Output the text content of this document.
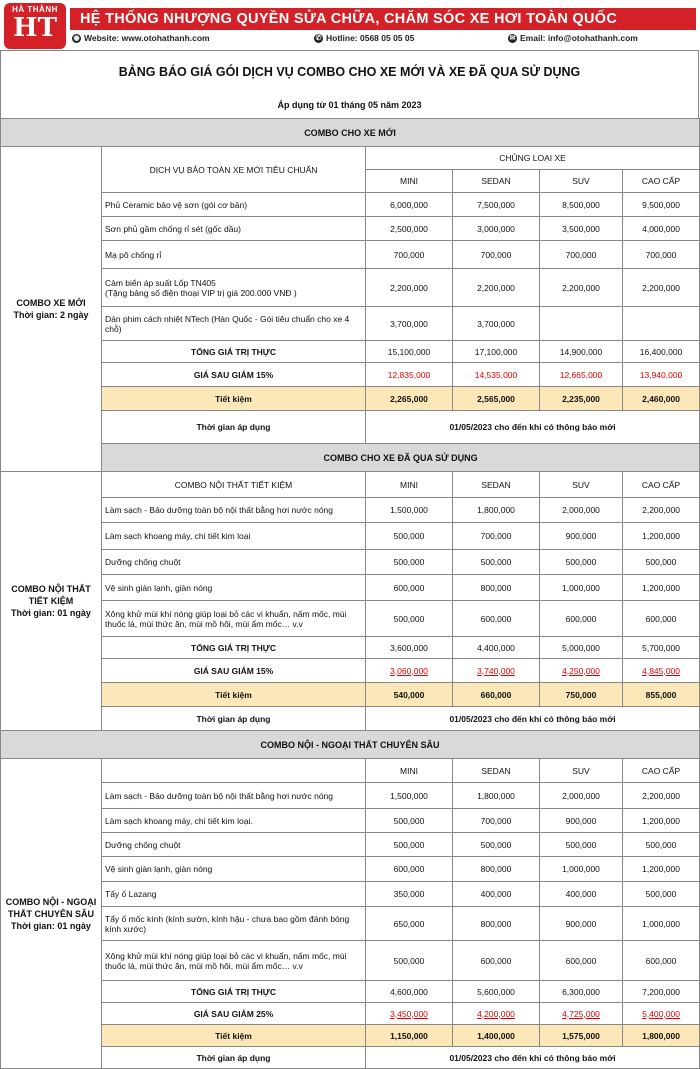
HÀ THÀNH
HT	HỆ THỐNG NHƯỢNG QUYỀN SỬA CHỮA, CHĂM SÓC XE HƠI TOÀN QUỐC
◉ Website: www.otohathanh.com	✆ Hotline: 0568 05 05 05	✉ Email: info@otohathanh.com
BẢNG BÁO GIÁ GÓI DỊCH VỤ COMBO CHO XE MỚI VÀ XE ĐÃ QUA SỬ DỤNG
Áp dụng từ 01 tháng 05 năm 2023
COMBO CHO XE MỚI					

COMBO XE MỚI
Thời gian: 2 ngày	DỊCH VỤ BẢO TOÀN XE MỚI TIÊU CHUẨN	CHỦNG LOẠI XE			
		MINI	SEDAN	SUV	CAO CẤP
	Phủ Ceramic bảo vệ sơn (gói cơ bản)	6,000,000	7,500,000	8,500,000	9,500,000
	Sơn phủ gầm chống rỉ sét (gốc dầu)	2,500,000	3,000,000	3,500,000	4,000,000
	Mạ pô chống rỉ	700,000	700,000	700,000	700,000

	Cảm biến áp suất Lốp TN405
(Tặng bảng số điện thoại VIP trị giá 200.000 VNĐ )	2,200,000	2,200,000	2,200,000	2,200,000
	Dán phim cách nhiệt NTech (Hàn Quốc - Gói tiêu chuẩn cho xe 4 chỗ)	3,700,000	3,700,000		
	TỔNG GIÁ TRỊ THỰC	15,100,000	17,100,000	14,900,000	16,400,000
	GIÁ SAU GIẢM 15%	12,835,000	14,535,000	12,665,000	13,940,000
	Tiết kiệm	2,265,000	2,565,000	2,235,000	2,460,000
	Thời gian áp dụng	01/05/2023 cho đến khi có thông báo mới			
	COMBO CHO XE ĐÃ QUA SỬ DỤNG				

COMBO NỘI THẤT TIẾT KIỆM
Thời gian: 01 ngày	COMBO NỘI THẤT TIẾT KIỆM	MINI	SEDAN	SUV	CAO CẤP
	Làm sạch - Bảo dưỡng toàn bộ nội thất bằng hơi nước nóng	1,500,000	1,800,000	2,000,000	2,200,000
	Làm sạch khoang máy, chi tiết kim loại	500,000	700,000	900,000	1,200,000
	Dưỡng chống chuột	500,000	500,000	500,000	500,000
	Vệ sinh giàn lạnh, giàn nóng	600,000	800,000	1,000,000	1,200,000
	Xông khử mùi khí nóng giúp loại bỏ các vi khuẩn, nấm mốc, mùi thuốc lá, mùi thức ăn, mùi mồ hôi, mùi ẩm mốc… v.v	500,000	600,000	600,000	600,000
	TỔNG GIÁ TRỊ THỰC	3,600,000	4,400,000	5,000,000	5,700,000
	GIÁ SAU GIẢM 15%	3,060,000	3,740,000	4,250,000	4,845,000
	Tiết kiệm	540,000	660,000	750,000	855,000
	Thời gian áp dụng	01/05/2023 cho đến khi có thông báo mới			
COMBO NỘI - NGOẠI THẤT CHUYÊN SÂU					

COMBO NỘI - NGOẠI THẤT CHUYÊN SÂU
Thời gian: 01 ngày		MINI	SEDAN	SUV	CAO CẤP
	Làm sạch - Bảo dưỡng toàn bộ nội thất bằng hơi nước nóng	1,500,000	1,800,000	2,000,000	2,200,000
	Làm sạch khoang máy, chi tiết kim loại.	500,000	700,000	900,000	1,200,000
	Dưỡng chống chuột	500,000	500,000	500,000	500,000
	Vệ sinh giàn lạnh, giàn nóng	600,000	800,000	1,000,000	1,200,000
	Tẩy ố Lazang	350,000	400,000	400,000	500,000
	Tẩy ố mốc kính (kính sườn, kính hậu - chưa bao gồm đánh bóng kính xước)	650,000	800,000	900,000	1,000,000
	Xông khử mùi khí nóng giúp loại bỏ các vi khuẩn, nấm mốc, mùi thuốc lá, mùi thức ăn, mùi mồ hôi, mùi ẩm mốc… v.v	500,000	600,000	600,000	600,000
	TỔNG GIÁ TRỊ THỰC	4,600,000	5,600,000	6,300,000	7,200,000
	GIÁ SAU GIẢM 25%	3,450,000	4,200,000	4,725,000	5,400,000
	Tiết kiệm	1,150,000	1,400,000	1,575,000	1,800,000
	Thời gian áp dụng	01/05/2023 cho đến khi có thông báo mới			
